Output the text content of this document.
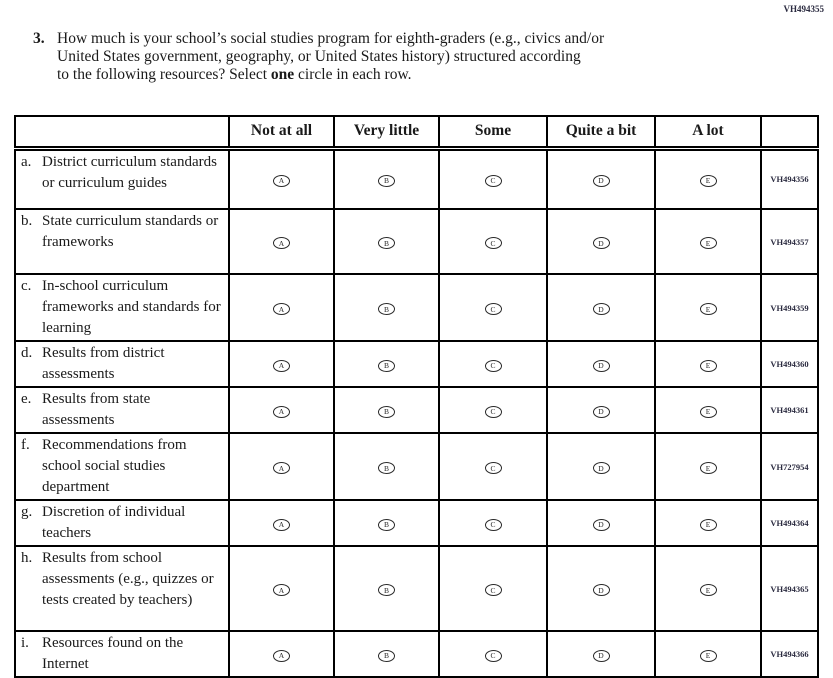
VH494355
3. How much is your school’s social studies program for eighth-graders (e.g., civics and/or
United States government, geography, or United States history) structured according
to the following resources? Select one circle in each row.
	Not at all	Very little	Some	Quite a bit	A lot	

a. District curriculum standards or curriculum guides	A	B	C	D	E	VH494356

b. State curriculum standards or frameworks	A	B	C	D	E	VH494357

c. In-school curriculum frameworks and standards for learning	A	B	C	D	E	VH494359

d. Results from district assessments	A	B	C	D	E	VH494360

e. Results from state assessments	A	B	C	D	E	VH494361

f. Recommendations from school social studies department	A	B	C	D	E	VH727954

g. Discretion of individual teachers	A	B	C	D	E	VH494364

h. Results from school assessments (e.g., quizzes or tests created by teachers)	A	B	C	D	E	VH494365

i. Resources found on the Internet	A	B	C	D	E	VH494366
